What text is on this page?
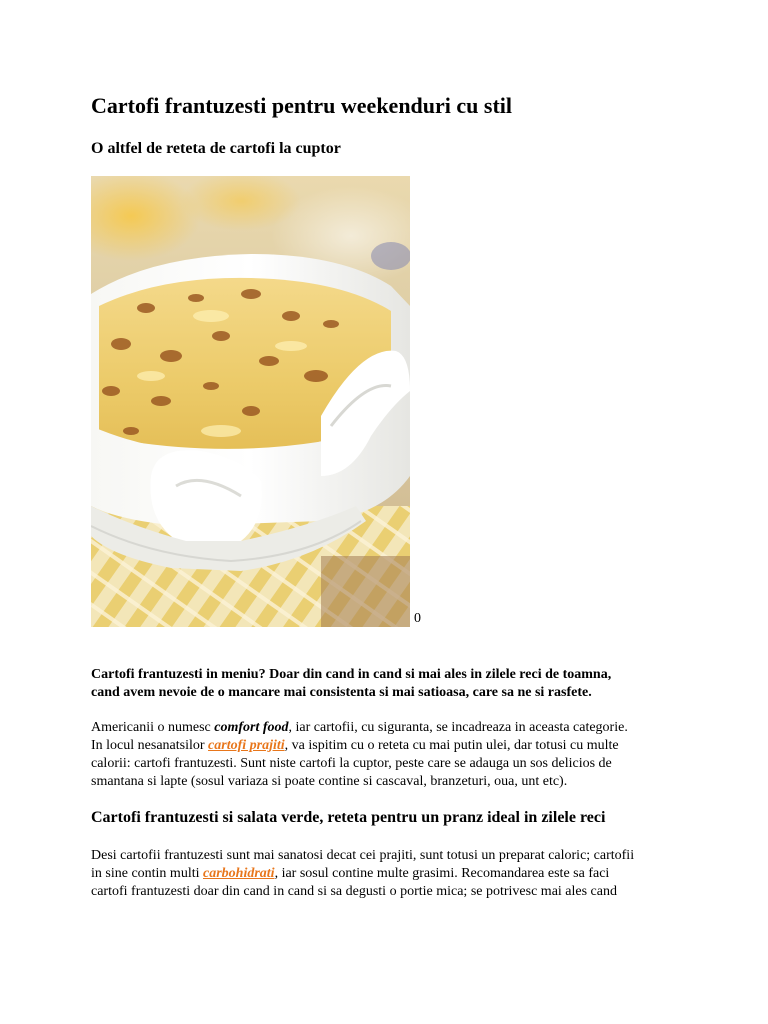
Cartofi frantuzesti pentru weekenduri cu stil
O altfel de reteta de cartofi la cuptor
0

Cartofi frantuzesti in meniu? Doar din cand in cand si mai ales in zilele reci de toamna,
cand avem nevoie de o mancare mai consistenta si mai satioasa, care sa ne si rasfete.

Americanii o numesc comfort food, iar cartofii, cu siguranta, se incadreaza in aceasta categorie.
In locul nesanatsilor cartofi prajiti, va ispitim cu o reteta cu mai putin ulei, dar totusi cu multe
calorii: cartofi frantuzesti. Sunt niste cartofi la cuptor, peste care se adauga un sos delicios de
smantana si lapte (sosul variaza si poate contine si cascaval, branzeturi, oua, unt etc).

Cartofi frantuzesti si salata verde, reteta pentru un pranz ideal in zilele reci

Desi cartofii frantuzesti sunt mai sanatosi decat cei prajiti, sunt totusi un preparat caloric; cartofii
in sine contin multi carbohidrati, iar sosul contine multe grasimi. Recomandarea este sa faci
cartofi frantuzesti doar din cand in cand si sa degusti o portie mica; se potrivesc mai ales cand
